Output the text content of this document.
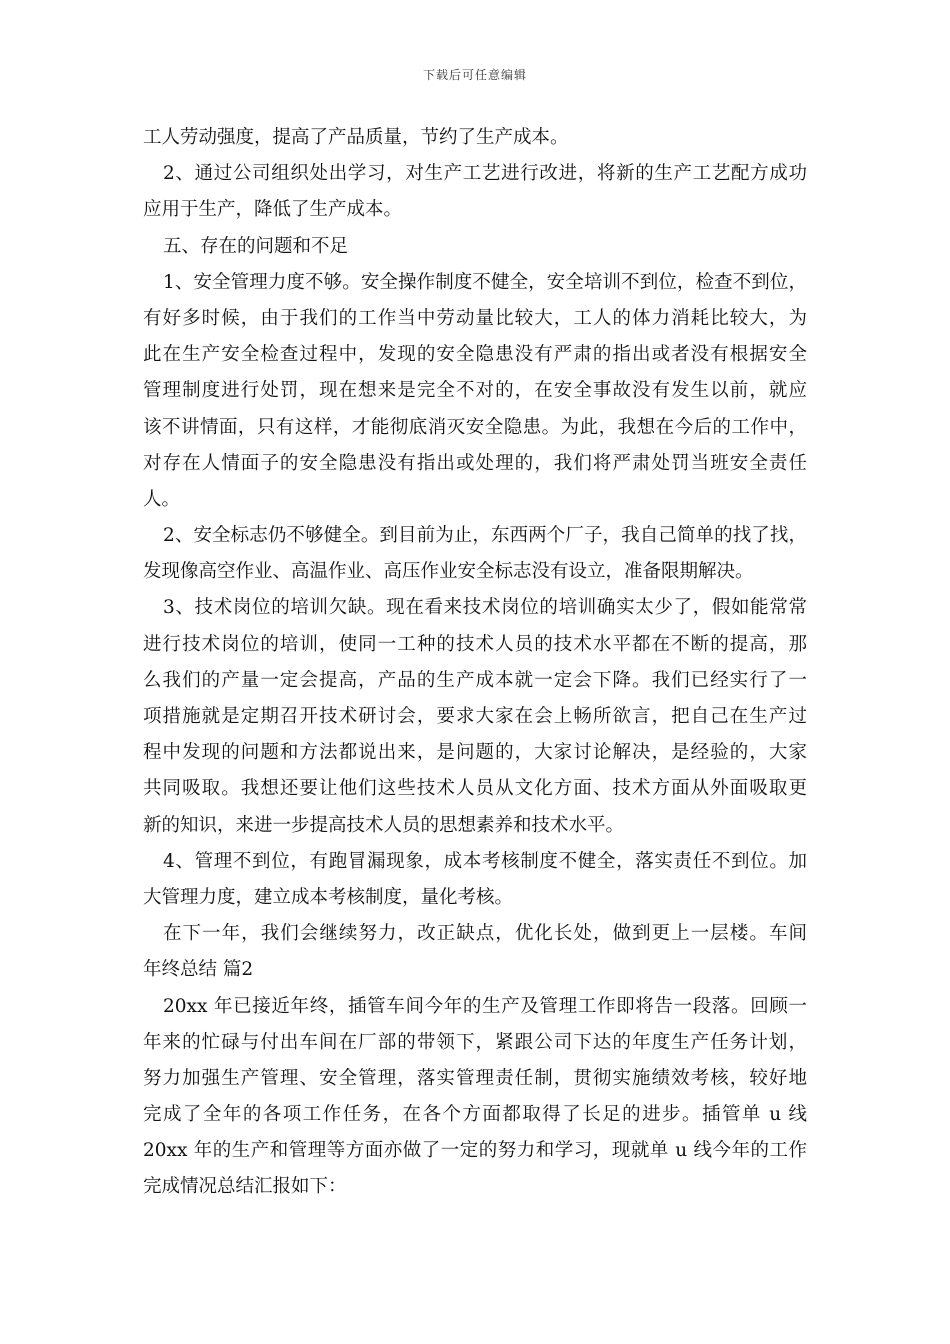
下载后可任意编辑
工人劳动强度，提高了产品质量，节约了生产成本。
2、通过公司组织处出学习，对生产工艺进行改进，将新的生产工艺配方成功
应用于生产，降低了生产成本。
五、存在的问题和不足
1、安全管理力度不够。安全操作制度不健全，安全培训不到位，检查不到位，
有好多时候，由于我们的工作当中劳动量比较大，工人的体力消耗比较大，为
此在生产安全检查过程中，发现的安全隐患没有严肃的指出或者没有根据安全
管理制度进行处罚，现在想来是完全不对的，在安全事故没有发生以前，就应
该不讲情面，只有这样，才能彻底消灭安全隐患。为此，我想在今后的工作中，
对存在人情面子的安全隐患没有指出或处理的，我们将严肃处罚当班安全责任
人。
2、安全标志仍不够健全。到目前为止，东西两个厂子，我自己简单的找了找，
发现像高空作业、高温作业、高压作业安全标志没有设立，准备限期解决。
3、技术岗位的培训欠缺。现在看来技术岗位的培训确实太少了，假如能常常
进行技术岗位的培训，使同一工种的技术人员的技术水平都在不断的提高，那
么我们的产量一定会提高，产品的生产成本就一定会下降。我们已经实行了一
项措施就是定期召开技术研讨会，要求大家在会上畅所欲言，把自己在生产过
程中发现的问题和方法都说出来，是问题的，大家讨论解决，是经验的，大家
共同吸取。我想还要让他们这些技术人员从文化方面、技术方面从外面吸取更
新的知识，来进一步提高技术人员的思想素养和技术水平。
4、管理不到位，有跑冒漏现象，成本考核制度不健全，落实责任不到位。加
大管理力度，建立成本考核制度，量化考核。
在下一年，我们会继续努力，改正缺点，优化长处，做到更上一层楼。车间
年终总结 篇2
20xx 年已接近年终，插管车间今年的生产及管理工作即将告一段落。回顾一
年来的忙碌与付出车间在厂部的带领下，紧跟公司下达的年度生产任务计划，
努力加强生产管理、安全管理，落实管理责任制，贯彻实施绩效考核，较好地
完成了全年的各项工作任务，在各个方面都取得了长足的进步。插管单 u 线
20xx 年的生产和管理等方面亦做了一定的努力和学习，现就单 u 线今年的工作
完成情况总结汇报如下：
